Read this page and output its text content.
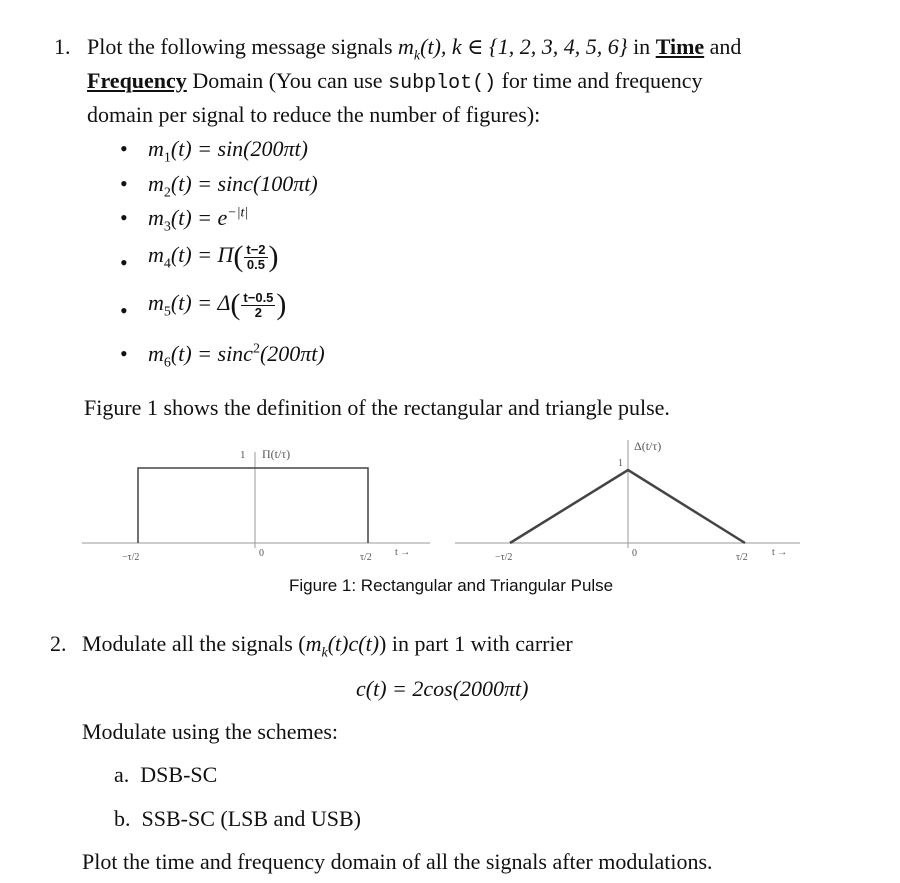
1. Plot the following message signals $m_k(t)$, k ∈ {1, 2, 3, 4, 5, 6} in Time and
Frequency Domain (You can use subplot() for time and frequency
domain per signal to reduce the number of figures):
• $m_1(t) = \sin(200\pi t)$
• $m_2(t) = \sin c(100\pi t)$
• $m_3(t) = e^{-|t|}$
• $m_4(t) = \Pi( \frac{t-2}{0.5}$ )
• $m_5(t) = \Delta( \frac{t-0.5}{2}$ )
• $m_6(t) = \sin c^2(200\pi t)$
Figure 1 shows the definition of the rectangular and triangle pulse.
1 Π(t/τ)
−τ/2	0	τ/2 t →
1
Δ(t/τ)
−τ/2	0	τ/2 t →
Figure 1: Rectangular and Triangular Pulse
2. Modulate all the signals $(m_k(t)c(t))$ in part 1 with carrier
c(t) = 2cos(2000πt)
Modulate using the schemes:
a. DSB-SC
b. SSB-SC (LSB and USB)
Plot the time and frequency domain of all the signals after modulations.
